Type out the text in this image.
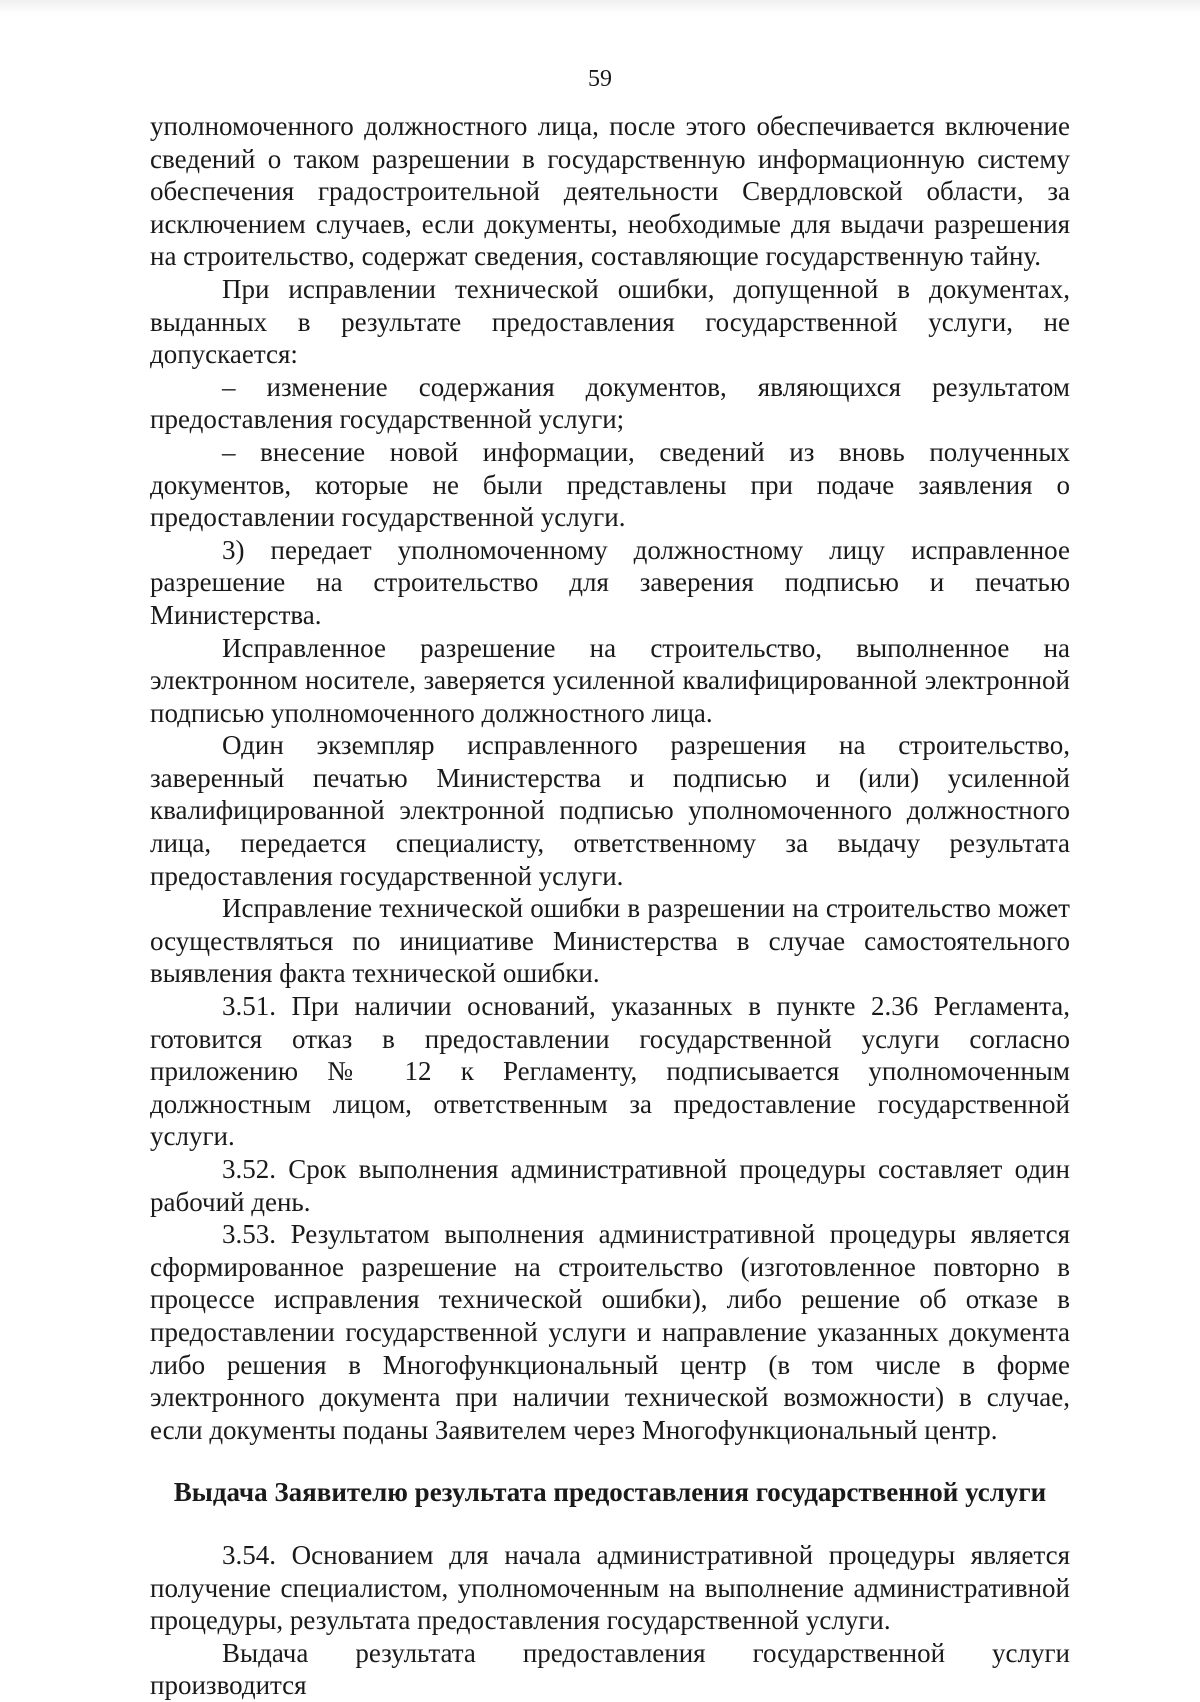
59

уполномоченного должностного лица, после этого обеспечивается включение сведений о таком разрешении в государственную информационную систему обеспечения градостроительной деятельности Свердловской области, за исключением случаев, если документы, необходимые для выдачи разрешения на строительство, содержат сведения, составляющие государственную тайну.

При исправлении технической ошибки, допущенной в документах, выданных в результате предоставления государственной услуги, не допускается:

– изменение содержания документов, являющихся результатом предоставления государственной услуги;

– внесение новой информации, сведений из вновь полученных документов, которые не были представлены при подаче заявления о предоставлении государственной услуги.

3) передает уполномоченному должностному лицу исправленное разрешение на строительство для заверения подписью и печатью Министерства.

Исправленное разрешение на строительство, выполненное на электронном носителе, заверяется усиленной квалифицированной электронной подписью уполномоченного должностного лица.

Один экземпляр исправленного разрешения на строительство, заверенный печатью Министерства и подписью и (или) усиленной квалифицированной электронной подписью уполномоченного должностного лица, передается специалисту, ответственному за выдачу результата предоставления государственной услуги.

Исправление технической ошибки в разрешении на строительство может осуществляться по инициативе Министерства в случае самостоятельного выявления факта технической ошибки.

3.51. При наличии оснований, указанных в пункте 2.36 Регламента, готовится отказ в предоставлении государственной услуги согласно приложению № 12 к Регламенту, подписывается уполномоченным должностным лицом, ответственным за предоставление государственной услуги.

3.52. Срок выполнения административной процедуры составляет один рабочий день.

3.53. Результатом выполнения административной процедуры является сформированное разрешение на строительство (изготовленное повторно в процессе исправления технической ошибки), либо решение об отказе в предоставлении государственной услуги и направление указанных документа либо решения в Многофункциональный центр (в том числе в форме электронного документа при наличии технической возможности) в случае, если документы поданы Заявителем через Многофункциональный центр.

Выдача Заявителю результата предоставления государственной услуги

3.54. Основанием для начала административной процедуры является получение специалистом, уполномоченным на выполнение административной процедуры, результата предоставления государственной услуги.

Выдача результата предоставления государственной услуги производится
